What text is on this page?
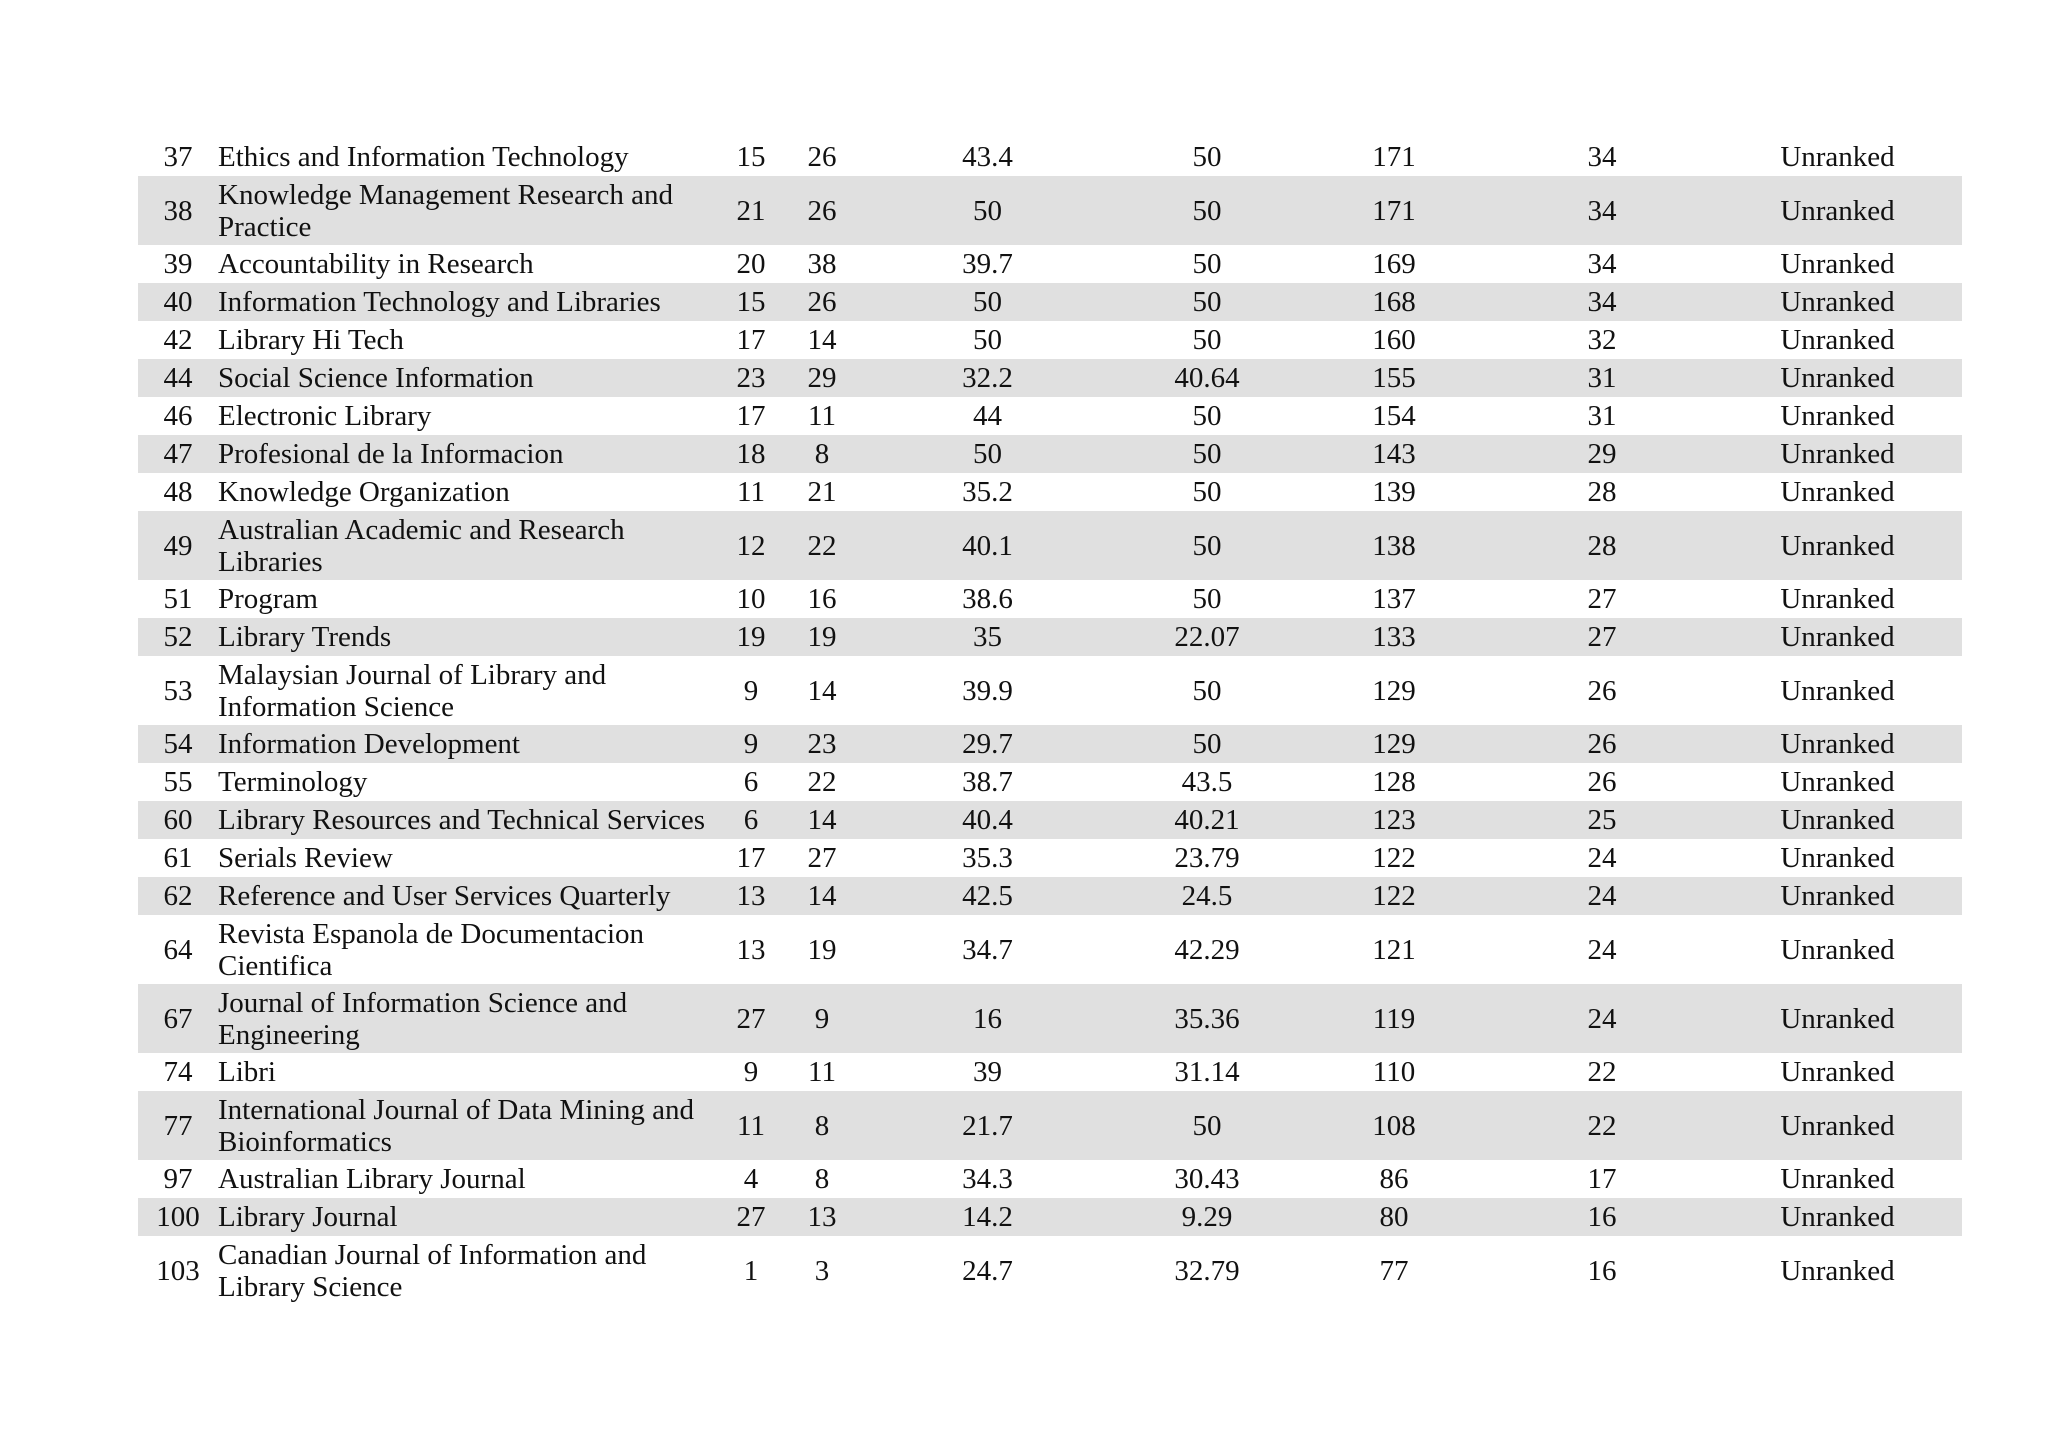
37	Ethics and Information Technology	15	26	43.4	50	171	34	Unranked
38	Knowledge Management Research and Practice	21	26	50	50	171	34	Unranked
39	Accountability in Research	20	38	39.7	50	169	34	Unranked
40	Information Technology and Libraries	15	26	50	50	168	34	Unranked
42	Library Hi Tech	17	14	50	50	160	32	Unranked
44	Social Science Information	23	29	32.2	40.64	155	31	Unranked
46	Electronic Library	17	11	44	50	154	31	Unranked
47	Profesional de la Informacion	18	8	50	50	143	29	Unranked
48	Knowledge Organization	11	21	35.2	50	139	28	Unranked
49	Australian Academic and Research Libraries	12	22	40.1	50	138	28	Unranked
51	Program	10	16	38.6	50	137	27	Unranked
52	Library Trends	19	19	35	22.07	133	27	Unranked
53	Malaysian Journal of Library and Information Science	9	14	39.9	50	129	26	Unranked
54	Information Development	9	23	29.7	50	129	26	Unranked
55	Terminology	6	22	38.7	43.5	128	26	Unranked
60	Library Resources and Technical Services	6	14	40.4	40.21	123	25	Unranked
61	Serials Review	17	27	35.3	23.79	122	24	Unranked
62	Reference and User Services Quarterly	13	14	42.5	24.5	122	24	Unranked
64	Revista Espanola de Documentacion Cientifica	13	19	34.7	42.29	121	24	Unranked
67	Journal of Information Science and Engineering	27	9	16	35.36	119	24	Unranked
74	Libri	9	11	39	31.14	110	22	Unranked
77	International Journal of Data Mining and Bioinformatics	11	8	21.7	50	108	22	Unranked
97	Australian Library Journal	4	8	34.3	30.43	86	17	Unranked
100	Library Journal	27	13	14.2	9.29	80	16	Unranked
103	Canadian Journal of Information and Library Science	1	3	24.7	32.79	77	16	Unranked
